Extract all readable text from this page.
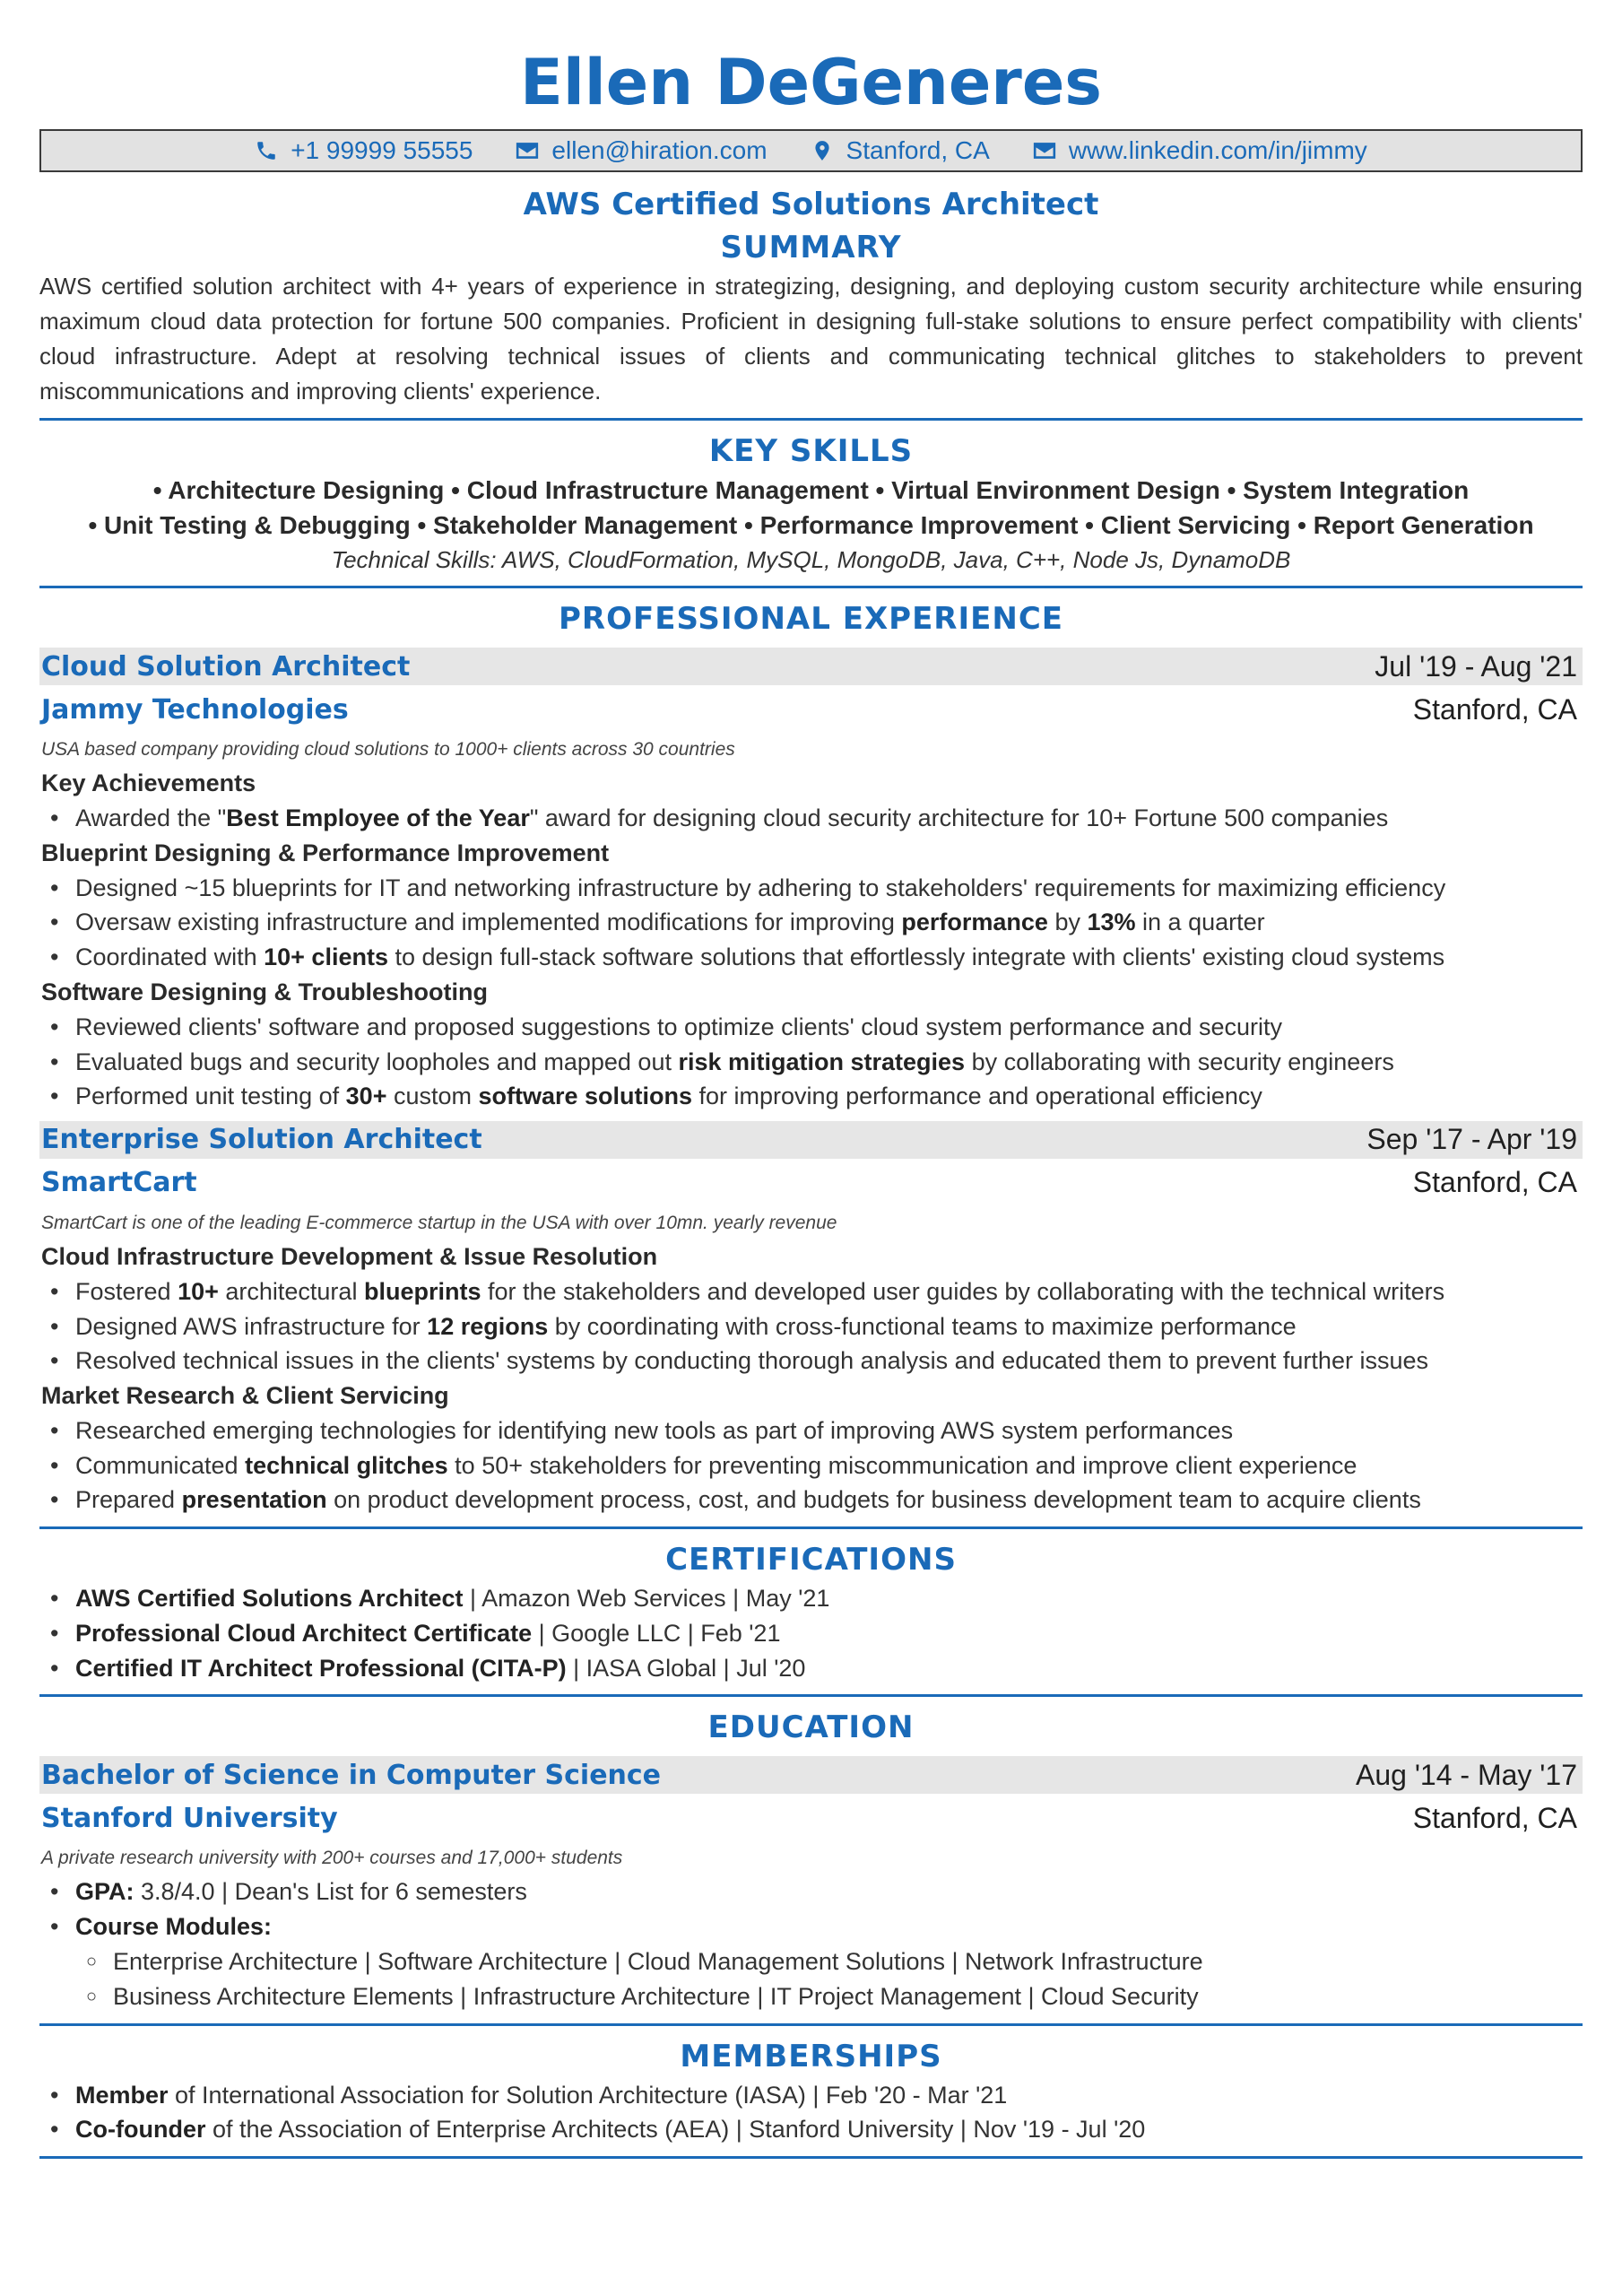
Ellen DeGeneres
+1 99999 55555	ellen@hiration.com	Stanford, CA	www.linkedin.com/in/jimmy
AWS Certified Solutions Architect
SUMMARY
AWS certified solution architect with 4+ years of experience in strategizing, designing, and deploying custom security architecture while ensuring maximum cloud data protection for fortune 500 companies. Proficient in designing full-stake solutions to ensure perfect compatibility with clients' cloud infrastructure. Adept at resolving technical issues of clients and communicating technical glitches to stakeholders to prevent miscommunications and improving clients' experience.
KEY SKILLS
• Architecture Designing • Cloud Infrastructure Management • Virtual Environment Design • System Integration
• Unit Testing & Debugging • Stakeholder Management • Performance Improvement • Client Servicing • Report Generation
Technical Skills: AWS, CloudFormation, MySQL, MongoDB, Java, C++, Node Js, DynamoDB
PROFESSIONAL EXPERIENCE
Cloud Solution Architect	Jul '19 - Aug '21
Jammy Technologies	Stanford, CA
USA based company providing cloud solutions to 1000+ clients across 30 countries
Key Achievements
• Awarded the "Best Employee of the Year" award for designing cloud security architecture for 10+ Fortune 500 companies
Blueprint Designing & Performance Improvement
• Designed ~15 blueprints for IT and networking infrastructure by adhering to stakeholders' requirements for maximizing efficiency
• Oversaw existing infrastructure and implemented modifications for improving performance by 13% in a quarter
• Coordinated with 10+ clients to design full-stack software solutions that effortlessly integrate with clients' existing cloud systems
Software Designing & Troubleshooting
• Reviewed clients' software and proposed suggestions to optimize clients' cloud system performance and security
• Evaluated bugs and security loopholes and mapped out risk mitigation strategies by collaborating with security engineers
• Performed unit testing of 30+ custom software solutions for improving performance and operational efficiency
Enterprise Solution Architect	Sep '17 - Apr '19
SmartCart	Stanford, CA
SmartCart is one of the leading E-commerce startup in the USA with over 10mn. yearly revenue
Cloud Infrastructure Development & Issue Resolution
• Fostered 10+ architectural blueprints for the stakeholders and developed user guides by collaborating with the technical writers
• Designed AWS infrastructure for 12 regions by coordinating with cross-functional teams to maximize performance
• Resolved technical issues in the clients' systems by conducting thorough analysis and educated them to prevent further issues
Market Research & Client Servicing
• Researched emerging technologies for identifying new tools as part of improving AWS system performances
• Communicated technical glitches to 50+ stakeholders for preventing miscommunication and improve client experience
• Prepared presentation on product development process, cost, and budgets for business development team to acquire clients
CERTIFICATIONS
• AWS Certified Solutions Architect | Amazon Web Services | May '21
• Professional Cloud Architect Certificate | Google LLC | Feb '21
• Certified IT Architect Professional (CITA-P) | IASA Global | Jul '20
EDUCATION
Bachelor of Science in Computer Science	Aug '14 - May '17
Stanford University	Stanford, CA
A private research university with 200+ courses and 17,000+ students
• GPA: 3.8/4.0 | Dean's List for 6 semesters
• Course Modules:
○ Enterprise Architecture | Software Architecture | Cloud Management Solutions | Network Infrastructure
○ Business Architecture Elements | Infrastructure Architecture | IT Project Management | Cloud Security
MEMBERSHIPS
• Member of International Association for Solution Architecture (IASA) | Feb '20 - Mar '21
• Co-founder of the Association of Enterprise Architects (AEA) | Stanford University | Nov '19 - Jul '20
